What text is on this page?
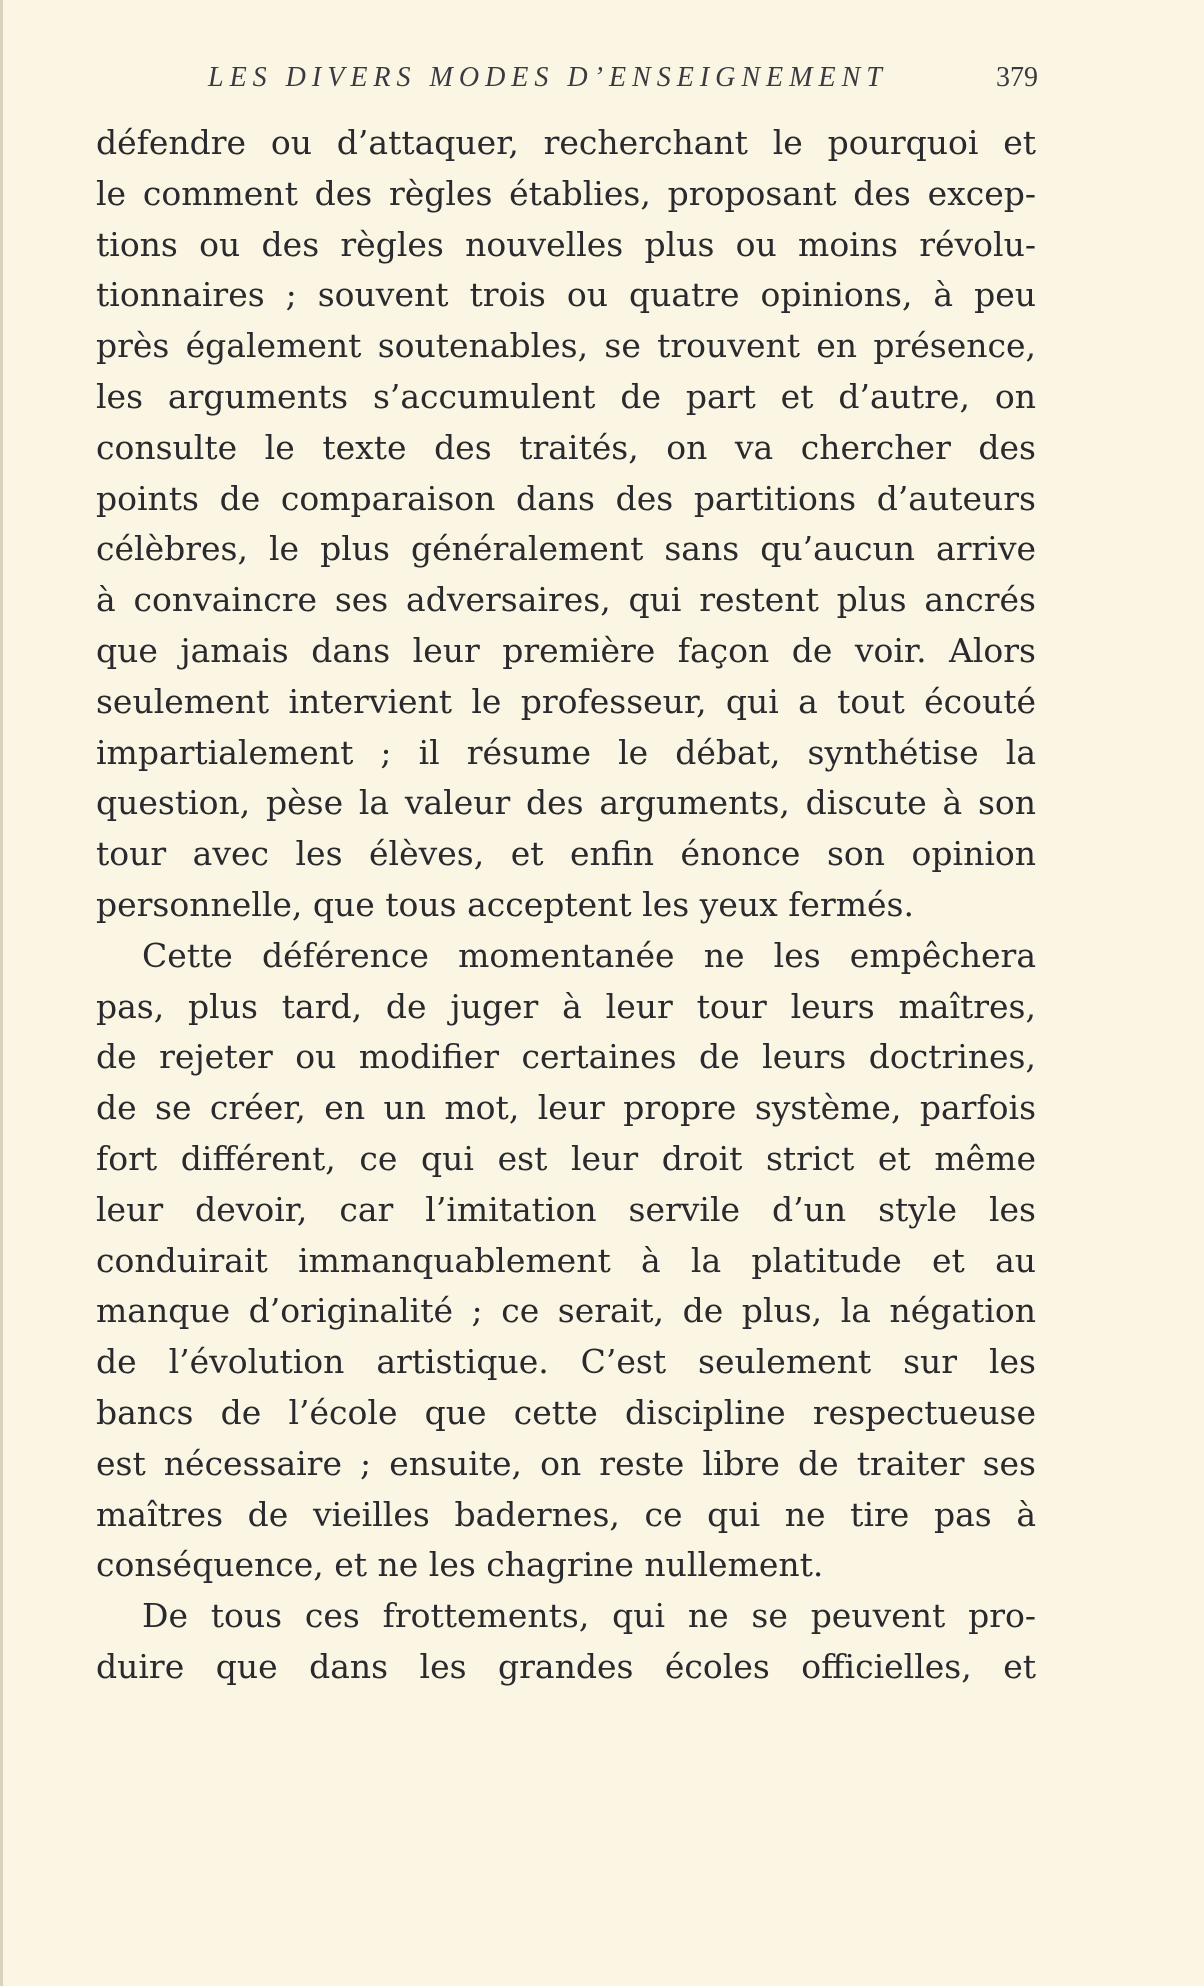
LES DIVERS MODES D’ENSEIGNEMENT	379
défendre ou d’attaquer, recherchant le pourquoi et
le comment des règles établies, proposant des excep-
tions ou des règles nouvelles plus ou moins révolu-
tionnaires ; souvent trois ou quatre opinions, à peu
près également soutenables, se trouvent en présence,
les arguments s’accumulent de part et d’autre, on
consulte le texte des traités, on va chercher des
points de comparaison dans des partitions d’auteurs
célèbres, le plus généralement sans qu’aucun arrive
à convaincre ses adversaires, qui restent plus ancrés
que jamais dans leur première façon de voir. Alors
seulement intervient le professeur, qui a tout écouté
impartialement ; il résume le débat, synthétise la
question, pèse la valeur des arguments, discute à son
tour avec les élèves, et enfin énonce son opinion
personnelle, que tous acceptent les yeux fermés.
Cette déférence momentanée ne les empêchera
pas, plus tard, de juger à leur tour leurs maîtres,
de rejeter ou modifier certaines de leurs doctrines,
de se créer, en un mot, leur propre système, parfois
fort différent, ce qui est leur droit strict et même
leur devoir, car l’imitation servile d’un style les
conduirait immanquablement à la platitude et au
manque d’originalité ; ce serait, de plus, la négation
de l’évolution artistique. C’est seulement sur les
bancs de l’école que cette discipline respectueuse
est nécessaire ; ensuite, on reste libre de traiter ses
maîtres de vieilles badernes, ce qui ne tire pas à
conséquence, et ne les chagrine nullement.
De tous ces frottements, qui ne se peuvent pro-
duire que dans les grandes écoles officielles, et
